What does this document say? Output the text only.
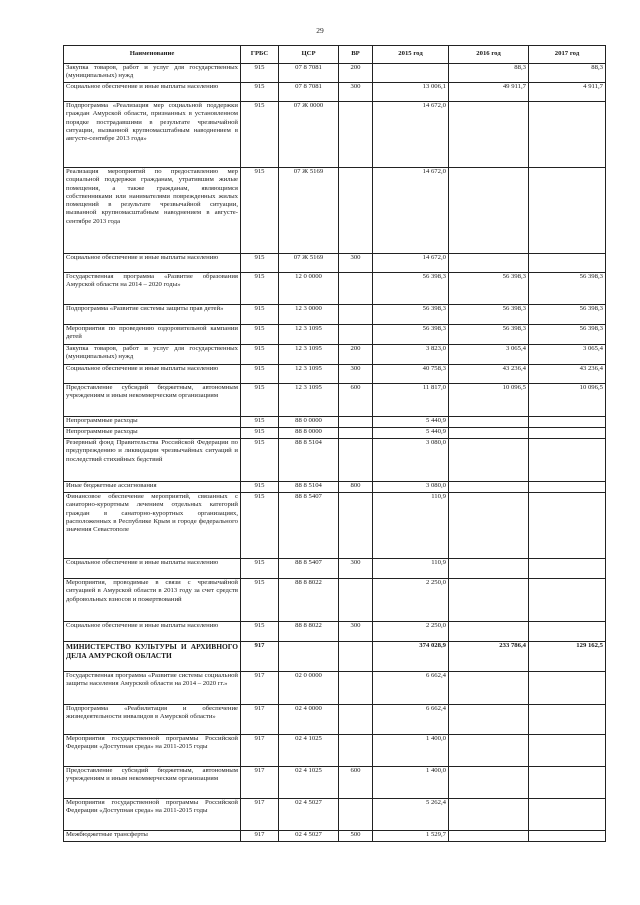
29
Наименование	ГРБС	ЦСР	ВР	2015 год	2016 год	2017 год
Закупка товаров, работ и услуг для государственных (муниципальных) нужд	915	07 8 7081	200		88,3	88,3
Социальное обеспечение и иные выплаты населению	915	07 8 7081	300	13 006,1	49 911,7	4 911,7
Подпрограмма «Реализация мер социальной поддержки граждан Амурской области, признанных в установленном порядке пострадавшими в результате чрезвычайной ситуации, вызванной крупномасштабным наводнением в августе-сентябре 2013 года»	915	07 Ж 0000		14 672,0		
Реализация мероприятий по предоставлению мер социальной поддержки гражданам, утратившим жилые помещения, а также гражданам, являющимся собственниками или нанимателями поврежденных жилых помещений в результате чрезвычайной ситуации, вызванной крупномасштабным наводнением в августе-сентябре 2013 года	915	07 Ж 5169		14 672,0		
Социальное обеспечение и иные выплаты населению	915	07 Ж 5169	300	14 672,0		
Государственная программа «Развитие образования Амурской области на 2014 – 2020 годы»	915	12 0 0000		56 398,3	56 398,3	56 398,3
Подпрограмма «Развитие системы защиты прав детей»	915	12 3 0000		56 398,3	56 398,3	56 398,3
Мероприятия по проведению оздоровительной кампании детей	915	12 3 1095		56 398,3	56 398,3	56 398,3
Закупка товаров, работ и услуг для государственных (муниципальных) нужд	915	12 3 1095	200	3 823,0	3 065,4	3 065,4
Социальное обеспечение и иные выплаты населению	915	12 3 1095	300	40 758,3	43 236,4	43 236,4
Предоставление субсидий бюджетным, автономным учреждениям и иным некоммерческим организациям	915	12 3 1095	600	11 817,0	10 096,5	10 096,5
Непрограммные расходы	915	88 0 0000		5 440,9		
Непрограммные расходы	915	88 8 0000		5 440,9		
Резервный фонд Правительства Российской Федерации по предупреждению и ликвидации чрезвычайных ситуаций и последствий стихийных бедствий	915	88 8 5104		3 080,0		
Иные бюджетные ассигнования	915	88 8 5104	800	3 080,0		
Финансовое обеспечение мероприятий, связанных с санаторно-курортным лечением отдельных категорий граждан в санаторно-курортных организациях, расположенных в Республике Крым и городе федерального значения Севастополе	915	88 8 5407		110,9		
Социальное обеспечение и иные выплаты населению	915	88 8 5407	300	110,9		
Мероприятия, проводимые в связи с чрезвычайной ситуацией в Амурской области в 2013 году за счет средств добровольных взносов и пожертвований	915	88 8 8022		2 250,0		
Социальное обеспечение и иные выплаты населению	915	88 8 8022	300	2 250,0		
МИНИСТЕРСТВО КУЛЬТУРЫ И АРХИВНОГО ДЕЛА АМУРСКОЙ ОБЛАСТИ	917			374 028,9	233 786,4	129 162,5
Государственная программа «Развитие системы социальной защиты населения Амурской области на 2014 – 2020 гг.»	917	02 0 0000		6 662,4		
Подпрограмма «Реабилитация и обеспечение жизнедеятельности инвалидов в Амурской области»	917	02 4 0000		6 662,4		
Мероприятия государственной программы Российской Федерации «Доступная среда» на 2011-2015 годы	917	02 4 1025		1 400,0		
Предоставление субсидий бюджетным, автономным учреждениям и иным некоммерческим организациям	917	02 4 1025	600	1 400,0		
Мероприятия государственной программы Российской Федерации «Доступная среда» на 2011-2015 годы	917	02 4 5027		5 262,4		
Межбюджетные трансферты	917	02 4 5027	500	1 529,7		
